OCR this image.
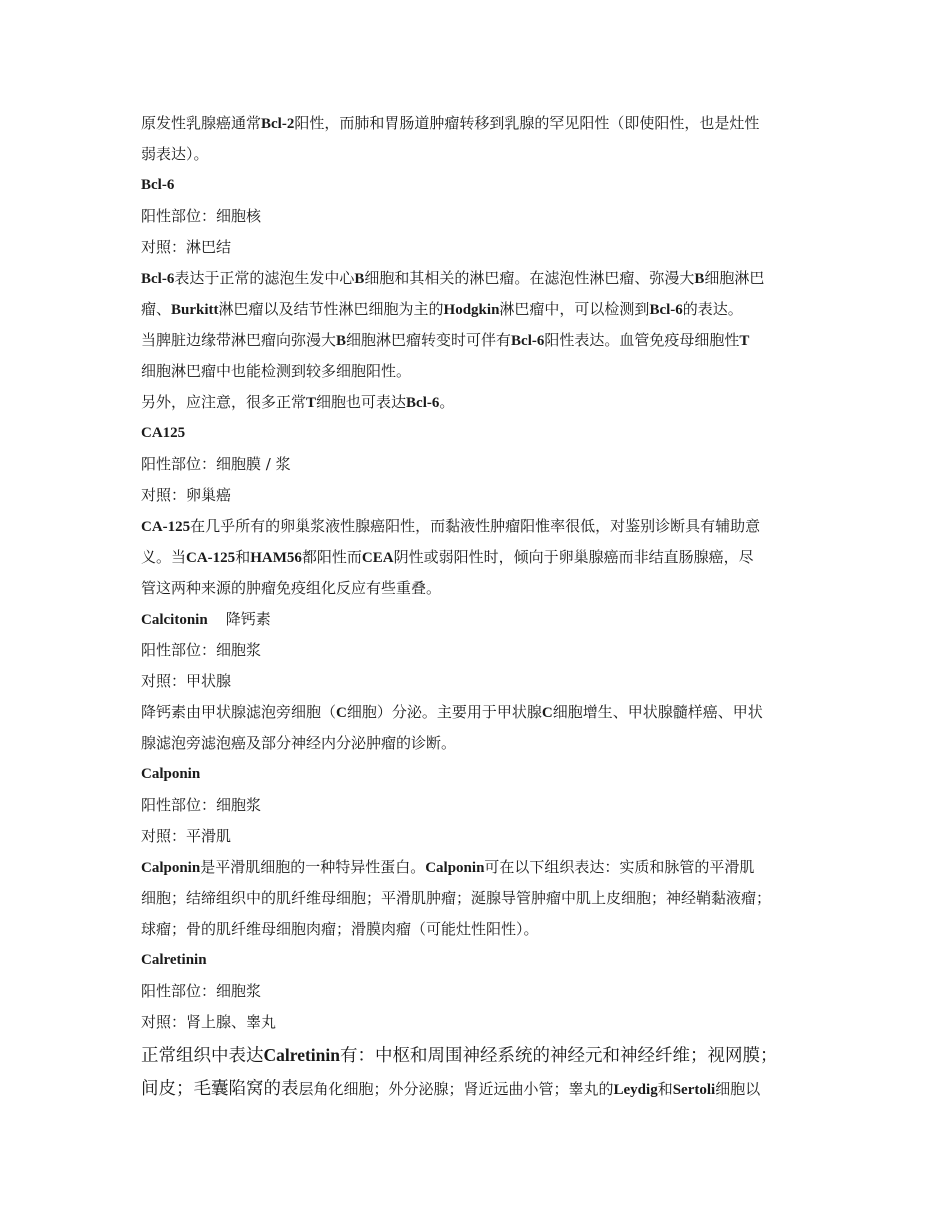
原发性乳腺癌通常Bcl-2阳性，而肺和胃肠道肿瘤转移到乳腺的罕见阳性（即使阳性，也是灶性
弱表达）。
Bcl-6
阳性部位：细胞核
对照：淋巴结
Bcl-6表达于正常的滤泡生发中心B细胞和其相关的淋巴瘤。在滤泡性淋巴瘤、弥漫大B细胞淋巴
瘤、Burkitt淋巴瘤以及结节性淋巴细胞为主的Hodgkin淋巴瘤中，可以检测到Bcl-6的表达。
当脾脏边缘带淋巴瘤向弥漫大B细胞淋巴瘤转变时可伴有Bcl-6阳性表达。血管免疫母细胞性T
细胞淋巴瘤中也能检测到较多细胞阳性。
另外，应注意，很多正常T细胞也可表达Bcl-6。
CA125
阳性部位：细胞膜 / 浆
对照：卵巢癌
CA-125在几乎所有的卵巢浆液性腺癌阳性，而黏液性肿瘤阳惟率很低，对鉴别诊断具有辅助意
义。当CA-125和HAM56都阳性而CEA阴性或弱阳性时，倾向于卵巢腺癌而非结直肠腺癌，尽
管这两种来源的肿瘤免疫组化反应有些重叠。
Calcitonin 降钙素
阳性部位：细胞浆
对照：甲状腺
降钙素由甲状腺滤泡旁细胞（C细胞）分泌。主要用于甲状腺C细胞增生、甲状腺髓样癌、甲状
腺滤泡旁滤泡癌及部分神经内分泌肿瘤的诊断。
Calponin
阳性部位：细胞浆
对照：平滑肌
Calponin是平滑肌细胞的一种特异性蛋白。Calponin可在以下组织表达：实质和脉管的平滑肌
细胞；结缔组织中的肌纤维母细胞；平滑肌肿瘤；涎腺导管肿瘤中肌上皮细胞；神经鞘黏液瘤；
球瘤；骨的肌纤维母细胞肉瘤；滑膜肉瘤（可能灶性阳性）。
Calretinin
阳性部位：细胞浆
对照：肾上腺、睾丸
正常组织中表达Calretinin有：中枢和周围神经系统的神经元和神经纤维；视网膜；
间皮；毛囊陷窝的表层角化细胞；外分泌腺；肾近远曲小管；睾丸的Leydig和Sertoli细胞以
